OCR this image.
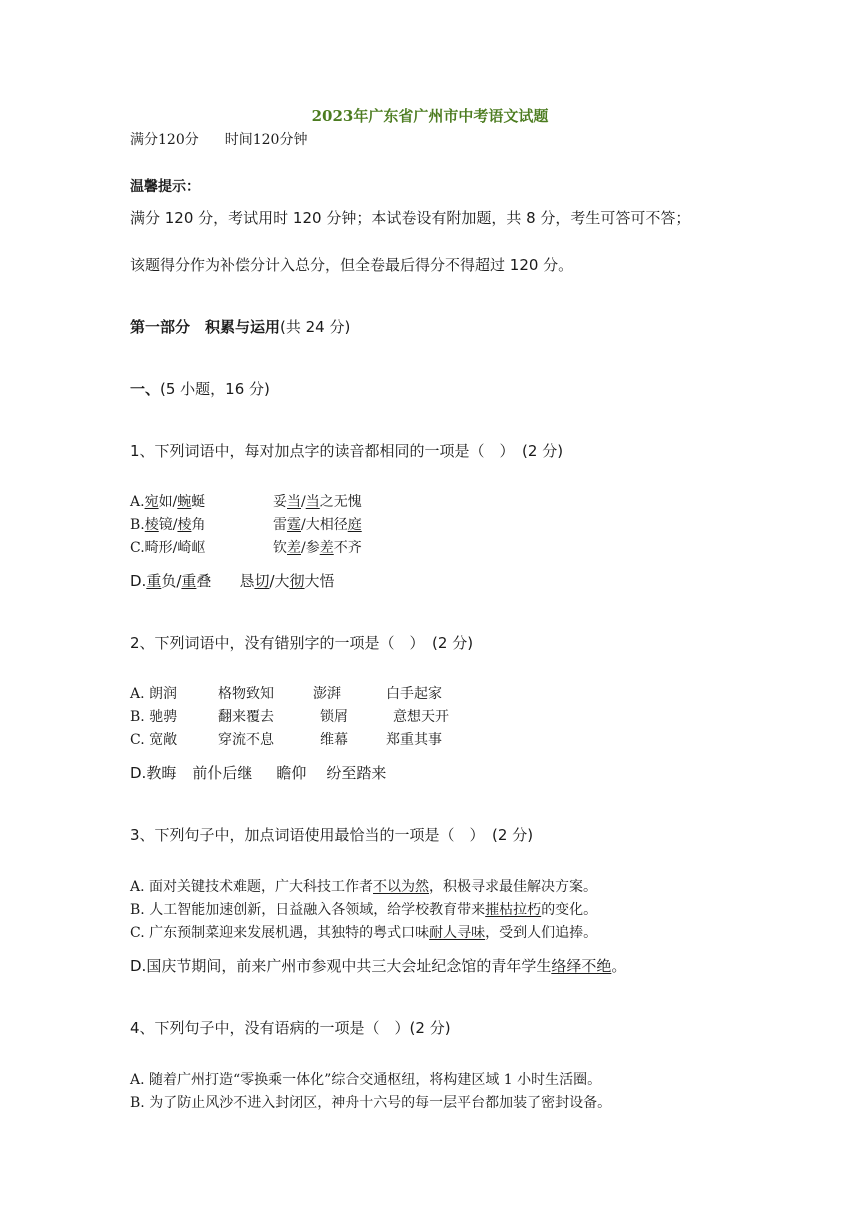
2023年广东省广州市中考语文试题
满分120分 时间120分钟
温馨提示：
满分 120 分，考试用时 120 分钟；本试卷设有附加题，共 8 分，考生可答可不答；
该题得分作为补偿分计入总分，但全卷最后得分不得超过 120 分。
第一部分　积累与运用(共 24 分)
一、(5 小题，16 分)
1、下列词语中，每对加点字的读音都相同的一项是（　）　(2 分)
A.宛如/蜿蜒	妥当/当之无愧
B.棱镜/棱角	雷霆/大相径庭
C.畸形/崎岖	钦差/参差不齐
D.重负/重叠 恳切/大彻大悟
2、下列词语中，没有错别字的一项是（　）　(2 分)
A. 朗润	格物致知	澎湃	白手起家
B. 驰骋	翻来覆去	锁屑	意想天开
C. 宽敞	穿流不息	维幕	郑重其事
D.教晦 前仆后继 瞻仰 纷至踏来
3、下列句子中，加点词语使用最恰当的一项是（　）　(2 分)
A. 面对关键技术难题，广大科技工作者不以为然，积极寻求最佳解决方案。
B. 人工智能加速创新，日益融入各领域，给学校教育带来摧枯拉朽的变化。
C. 广东预制菜迎来发展机遇，其独特的粤式口味耐人寻味，受到人们追捧。
D.国庆节期间，前来广州市参观中共三大会址纪念馆的青年学生络绎不绝。
4、下列句子中，没有语病的一项是（　）(2 分)
A. 随着广州打造“零换乘一体化”综合交通枢纽，将构建区域 1 小时生活圈。
B. 为了防止风沙不进入封闭区，神舟十六号的每一层平台都加装了密封设备。
